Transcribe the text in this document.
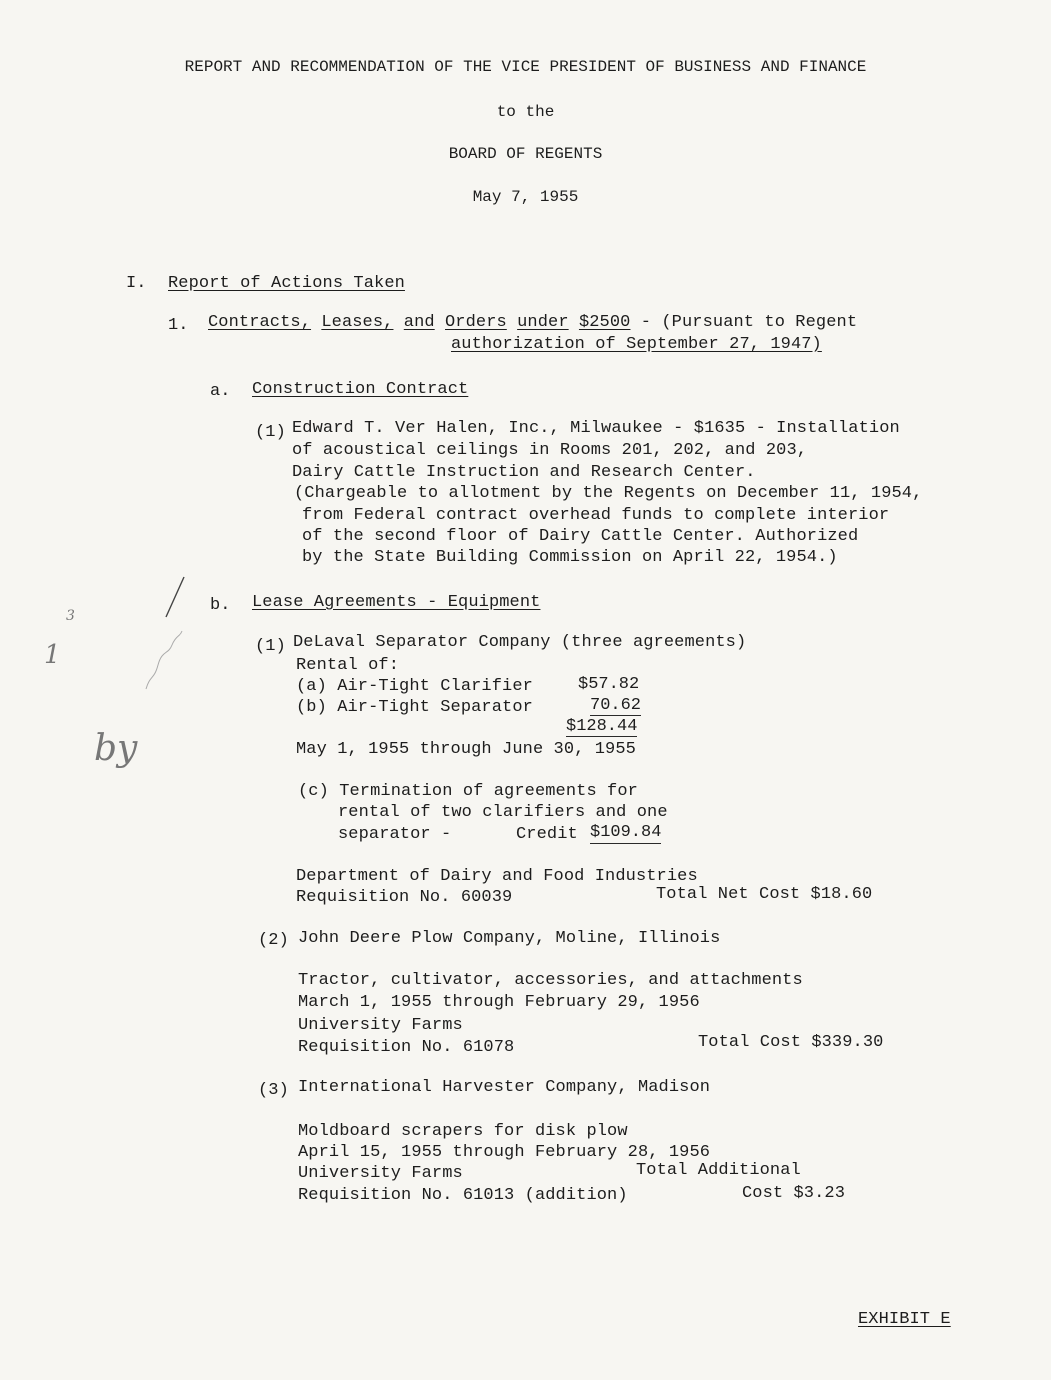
REPORT AND RECOMMENDATION OF THE VICE PRESIDENT OF BUSINESS AND FINANCE
to the
BOARD OF REGENTS
May 7, 1955
I. Report of Actions Taken
1. Contracts, Leases, and Orders under $2500 - (Pursuant to Regent
authorization of September 27, 1947)
a. Construction Contract
(1) Edward T. Ver Halen, Inc., Milwaukee - $1635 - Installation
of acoustical ceilings in Rooms 201, 202, and 203,
Dairy Cattle Instruction and Research Center.
(Chargeable to allotment by the Regents on December 11, 1954,
from Federal contract overhead funds to complete interior
of the second floor of Dairy Cattle Center. Authorized
by the State Building Commission on April 22, 1954.)
b. Lease Agreements - Equipment
(1) DeLaval Separator Company (three agreements)
Rental of:
(a) Air-Tight Clarifier	$57.82
(b) Air-Tight Separator	70.62
$128.44
May 1, 1955 through June 30, 1955
(c) Termination of agreements for
rental of two clarifiers and one
separator -	Credit $109.84
Department of Dairy and Food Industries
Requisition No. 60039	Total Net Cost $18.60
(2) John Deere Plow Company, Moline, Illinois
Tractor, cultivator, accessories, and attachments
March 1, 1955 through February 29, 1956
University Farms
Requisition No. 61078	Total Cost $339.30
(3) International Harvester Company, Madison
Moldboard scrapers for disk plow
April 15, 1955 through February 28, 1956
University Farms	Total Additional
Requisition No. 61013 (addition)	Cost $3.23
EXHIBIT E
3
1
by
